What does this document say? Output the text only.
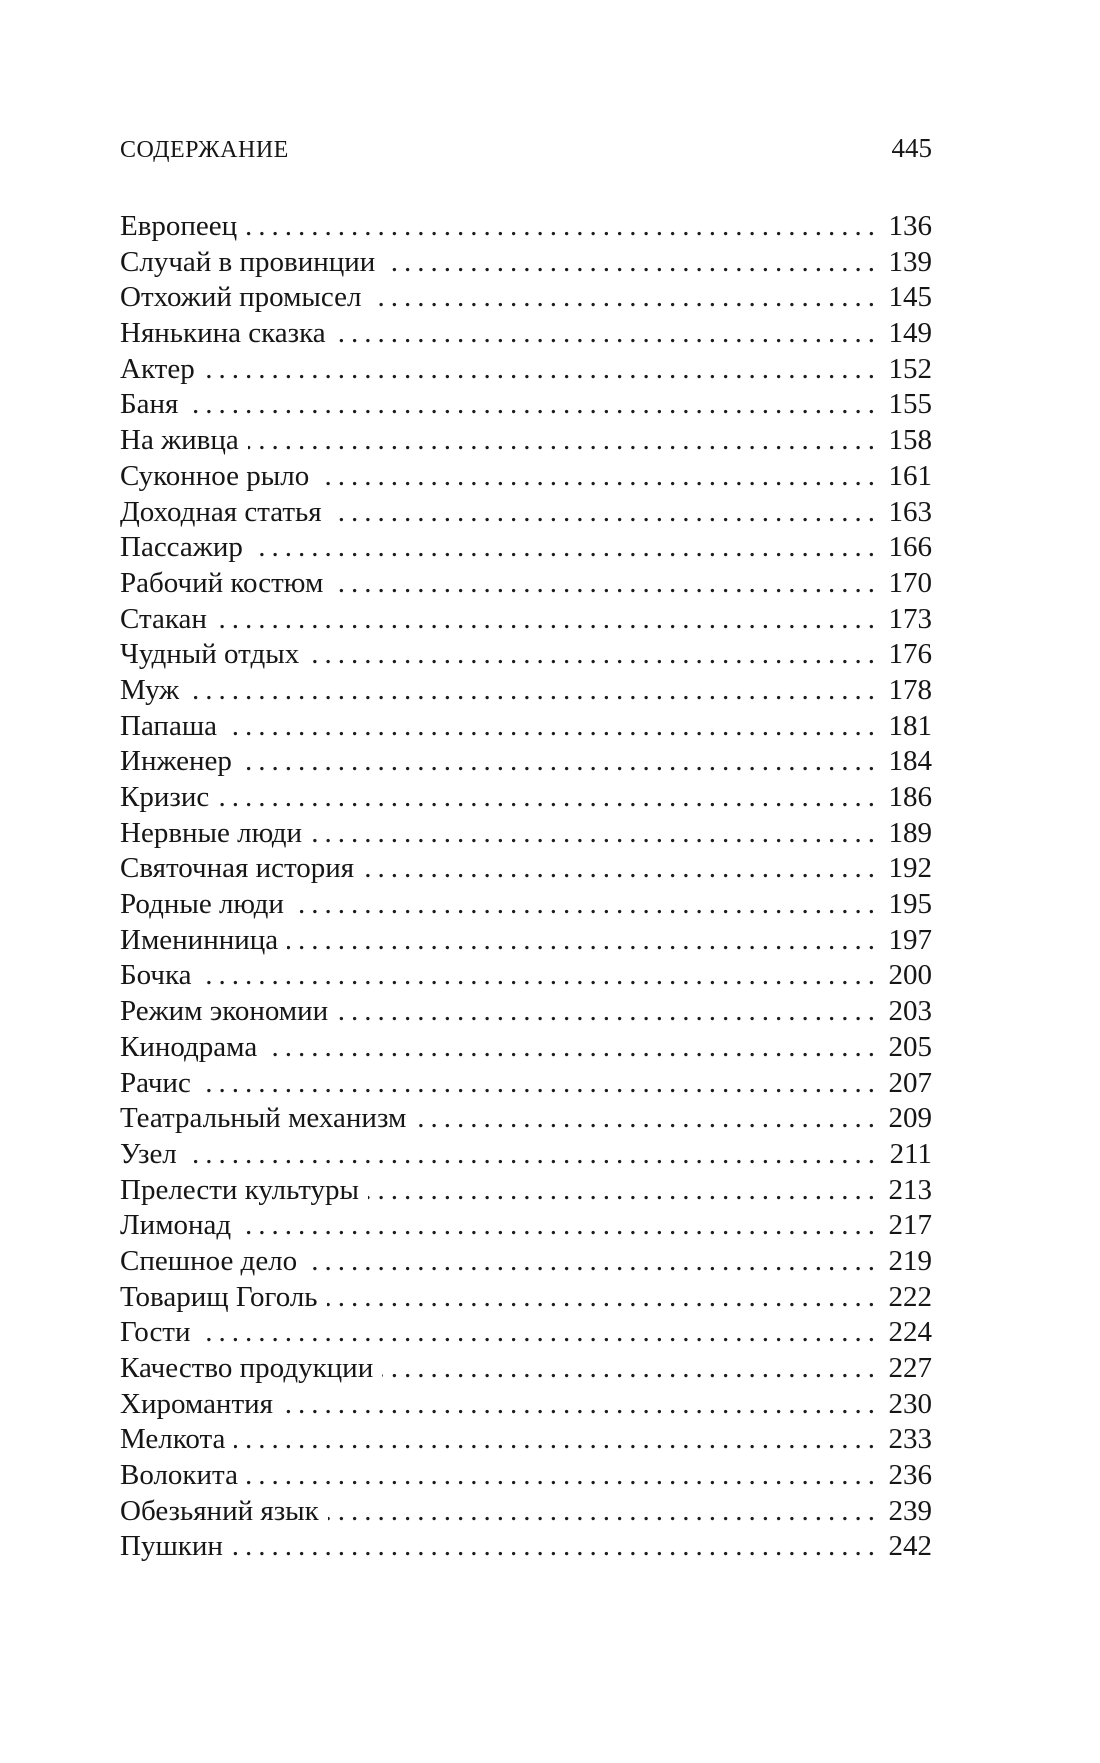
СОДЕРЖАНИЕ	445
Европеец .....	136
Случай в провинции .....	139
Отхожий промысел .....	145
Нянькина сказка .....	149
Актер .....	152
Баня .....	155
На живца .....	158
Суконное рыло .....	161
Доходная статья .....	163
Пассажир .....	166
Рабочий костюм .....	170
Стакан .....	173
Чудный отдых .....	176
Муж .....	178
Папаша .....	181
Инженер .....	184
Кризис .....	186
Нервные люди .....	189
Святочная история .....	192
Родные люди .....	195
Именинница .....	197
Бочка .....	200
Режим экономии .....	203
Кинодрама .....	205
Рачис .....	207
Театральный механизм .....	209
Узел .....	211
Прелести культуры .....	213
Лимонад .....	217
Спешное дело .....	219
Товарищ Гоголь .....	222
Гости .....	224
Качество продукции .....	227
Хиромантия .....	230
Мелкота .....	233
Волокита .....	236
Обезьяний язык .....	239
Пушкин .....	242
